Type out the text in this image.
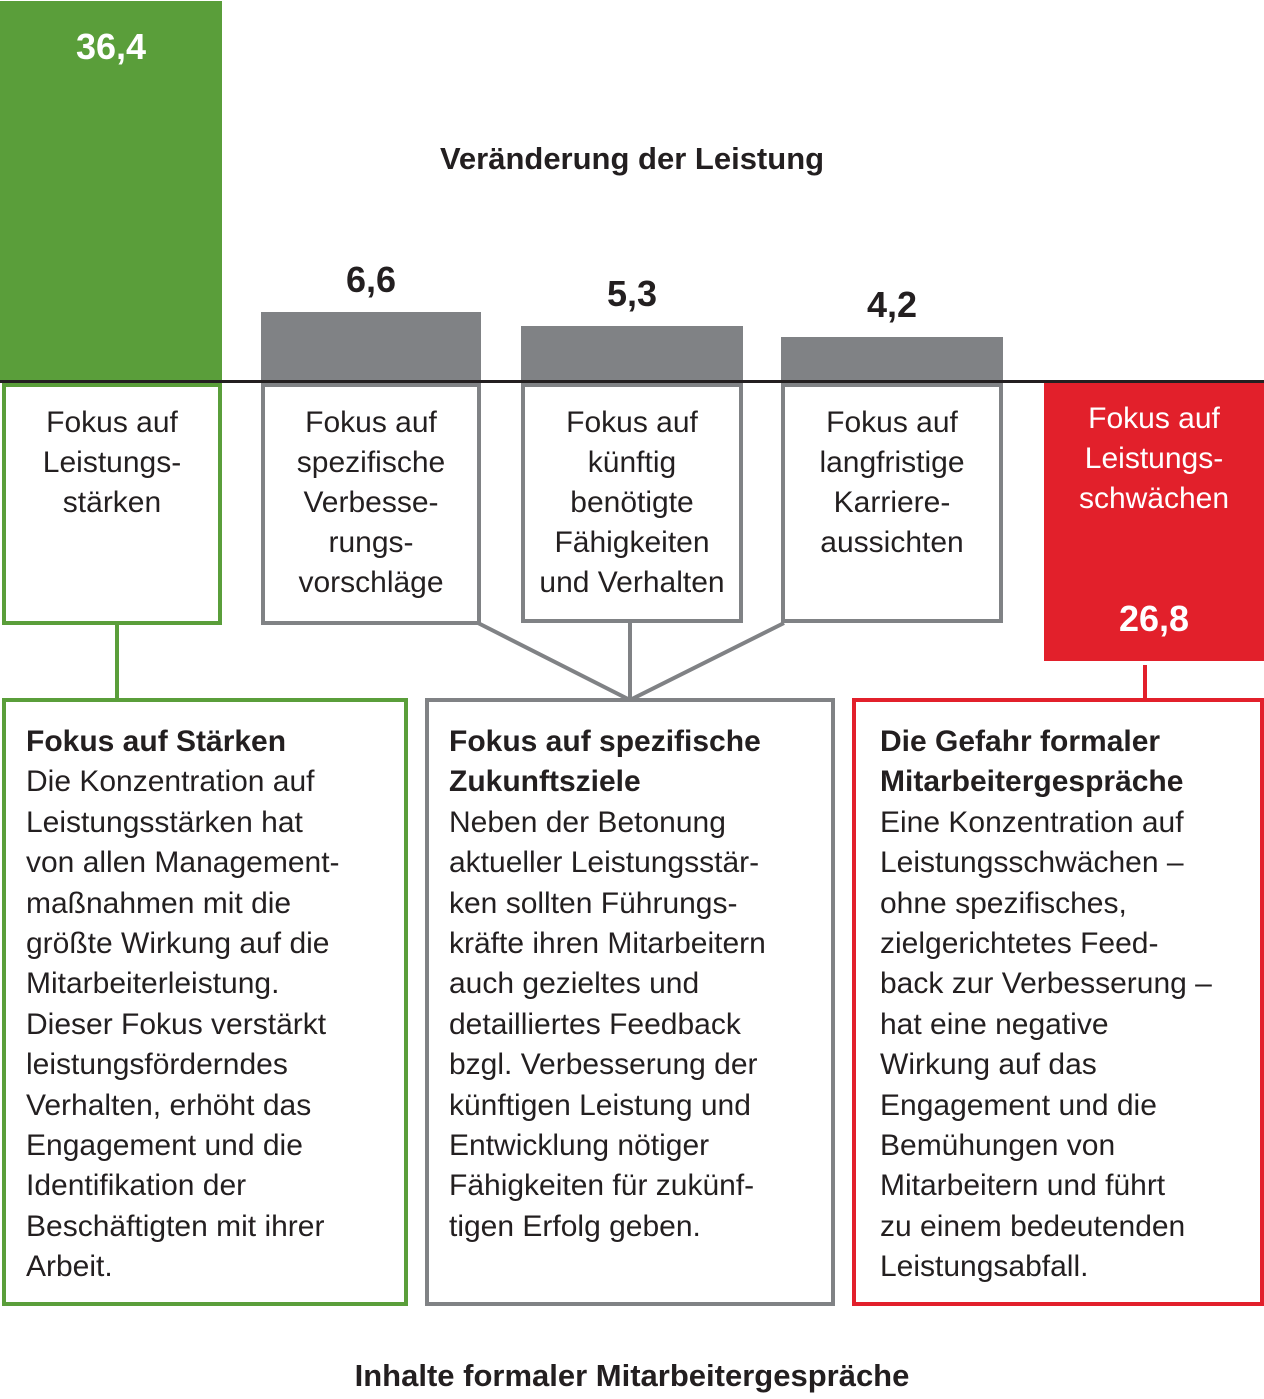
36,4
6,6	5,3	4,2
26,8
Veränderung der Leistung
Fokus auf
Leistungs-
stärken
Fokus auf
spezifische
Verbesse-
rungs-
vorschläge
Fokus auf
künftig
benötigte
Fähigkeiten
und Verhalten
Fokus auf
langfristige
Karriere-
aussichten
Fokus auf
Leistungs-
schwächen
Fokus auf Stärken
Die Konzentration auf
Leistungsstärken hat
von allen Management-
maßnahmen mit die
größte Wirkung auf die
Mitarbeiterleistung.
Dieser Fokus verstärkt
leistungsförderndes
Verhalten, erhöht das
Engagement und die
Identifikation der
Beschäftigten mit ihrer
Arbeit.
Fokus auf spezifische
Zukunftsziele
Neben der Betonung
aktueller Leistungsstär-
ken sollten Führungs-
kräfte ihren Mitarbeitern
auch gezieltes und
detailliertes Feedback
bzgl. Verbesserung der
künftigen Leistung und
Entwicklung nötiger
Fähigkeiten für zukünf-
tigen Erfolg geben.
Die Gefahr formaler
Mitarbeitergespräche
Eine Konzentration auf
Leistungsschwächen –
ohne spezifisches,
zielgerichtetes Feed-
back zur Verbesserung –
hat eine negative
Wirkung auf das
Engagement und die
Bemühungen von
Mitarbeitern und führt
zu einem bedeutenden
Leistungsabfall.
Inhalte formaler Mitarbeitergespräche
